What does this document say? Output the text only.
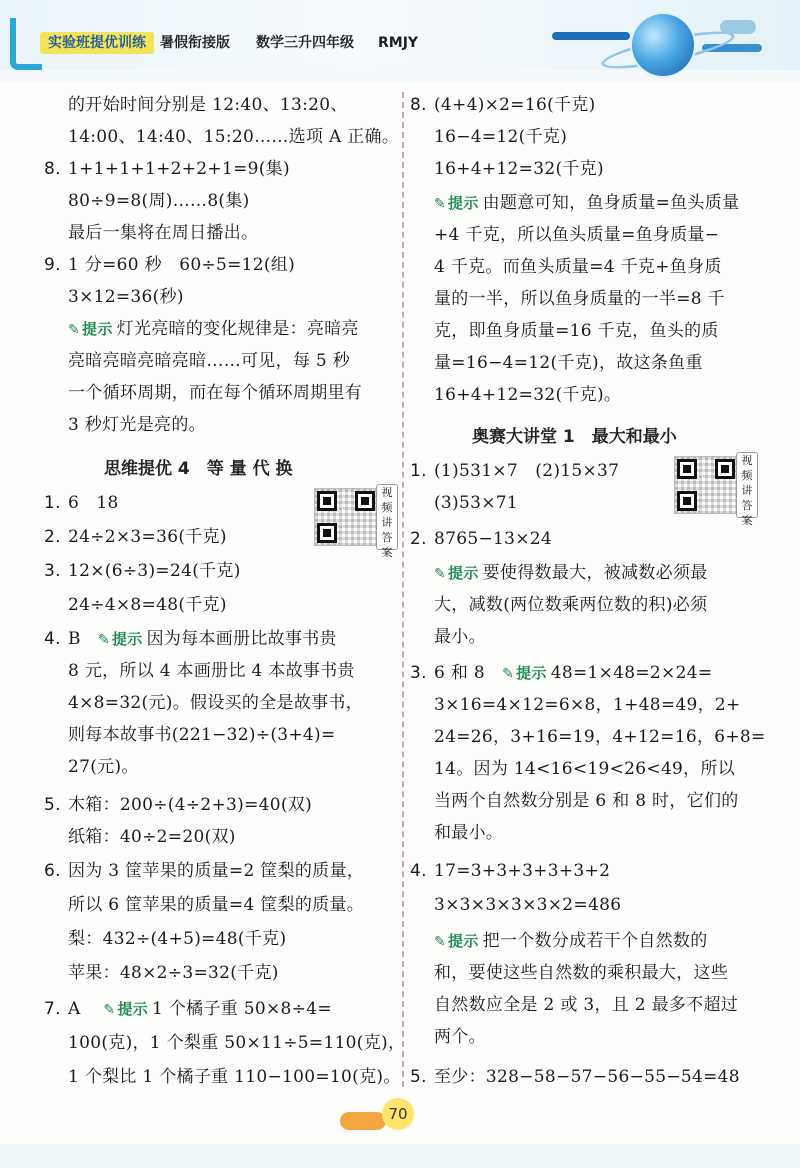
实验班提优训练	暑假衔接版 数学三升四年级 RMJY
的开始时间分别是 12:40、13:20、
14:00、14:40、15:20……选项 A 正确。
8. 1+1+1+1+2+2+1=9(集)
80÷9=8(周)……8(集)
最后一集将在周日播出。
9. 1 分=60 秒　60÷5=12(组)
3×12=36(秒)
✎ 提示 灯光亮暗的变化规律是：亮暗亮
亮暗亮暗亮暗亮暗……可见，每 5 秒
一个循环周期，而在每个循环周期里有
3 秒灯光是亮的。
思维提优 4　等 量 代 换
视频讲答案
1. 6　18
2. 24÷2×3=36(千克)
3. 12×(6÷3)=24(千克)
24÷4×8=48(千克)
4. B ✎ 提示 因为每本画册比故事书贵
8 元，所以 4 本画册比 4 本故事书贵
4×8=32(元)。假设买的全是故事书，
则每本故事书(221−32)÷(3+4)=
27(元)。
5. 木箱：200÷(4÷2+3)=40(双)
纸箱：40÷2=20(双)
6. 因为 3 筐苹果的质量=2 筐梨的质量，
所以 6 筐苹果的质量=4 筐梨的质量。
梨：432÷(4+5)=48(千克)
苹果：48×2÷3=32(千克)
7. A ✎ 提示 1 个橘子重 50×8÷4=
100(克)，1 个梨重 50×11÷5=110(克)，
1 个梨比 1 个橘子重 110−100=10(克)。
8. (4+4)×2=16(千克)
16−4=12(千克)
16+4+12=32(千克)
✎ 提示 由题意可知，鱼身质量=鱼头质量
+4 千克，所以鱼头质量=鱼身质量−
4 千克。而鱼头质量=4 千克+鱼身质
量的一半，所以鱼身质量的一半=8 千
克，即鱼身质量=16 千克，鱼头的质
量=16−4=12(千克)，故这条鱼重
16+4+12=32(千克)。
奥赛大讲堂 1　最大和最小
视频讲答案
1. (1)531×7　(2)15×37
(3)53×71
2. 8765−13×24
✎ 提示 要使得数最大，被减数必须最
大，减数(两位数乘两位数的积)必须
最小。
3. 6 和 8 ✎ 提示 48=1×48=2×24=
3×16=4×12=6×8，1+48=49，2+
24=26，3+16=19，4+12=16，6+8=
14。因为 14<16<19<26<49，所以
当两个自然数分别是 6 和 8 时，它们的
和最小。
4. 17=3+3+3+3+3+2
3×3×3×3×3×2=486
✎ 提示 把一个数分成若干个自然数的
和，要使这些自然数的乘积最大，这些
自然数应全是 2 或 3，且 2 最多不超过
两个。
5. 至少：328−58−57−56−55−54=48
70
